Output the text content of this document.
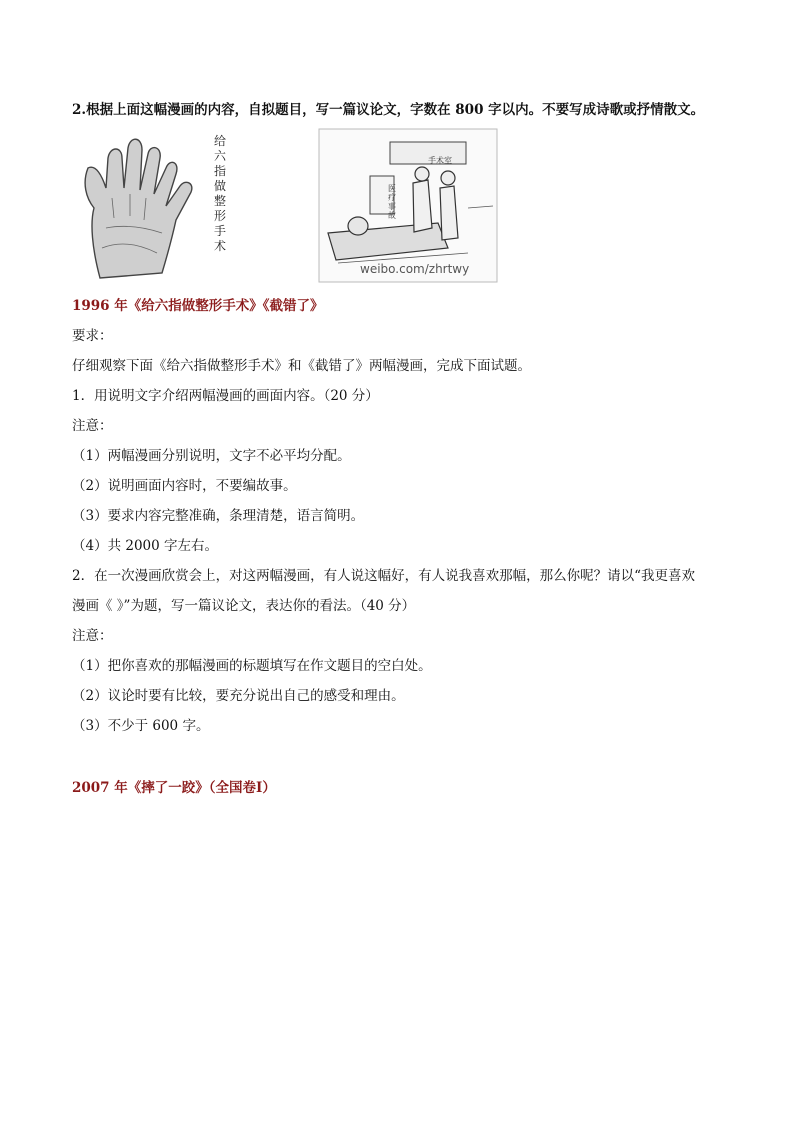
2.根据上面这幅漫画的内容，自拟题目，写一篇议论文，字数在 800 字以内。不要写成诗歌或抒情散文。
给
六
指
做
整
形
手
术
医疗事故
手术室
weibo.com/zhrtwy
1996 年《给六指做整形手术》《截错了》
要求：
仔细观察下面《给六指做整形手术》和《截错了》两幅漫画，完成下面试题。
1．用说明文字介绍两幅漫画的画面内容。（20 分）
注意：
（1）两幅漫画分别说明，文字不必平均分配。
（2）说明画面内容时，不要编故事。
（3）要求内容完整准确，条理清楚，语言简明。
（4）共 2000 字左右。
2．在一次漫画欣赏会上，对这两幅漫画，有人说这幅好，有人说我喜欢那幅，那么你呢？请以“我更喜欢
漫画《 》”为题，写一篇议论文，表达你的看法。（40 分）
注意：
（1）把你喜欢的那幅漫画的标题填写在作文题目的空白处。
（2）议论时要有比较，要充分说出自己的感受和理由。
（3）不少于 600 字。
2007 年《摔了一跤》（全国卷Ⅰ）
